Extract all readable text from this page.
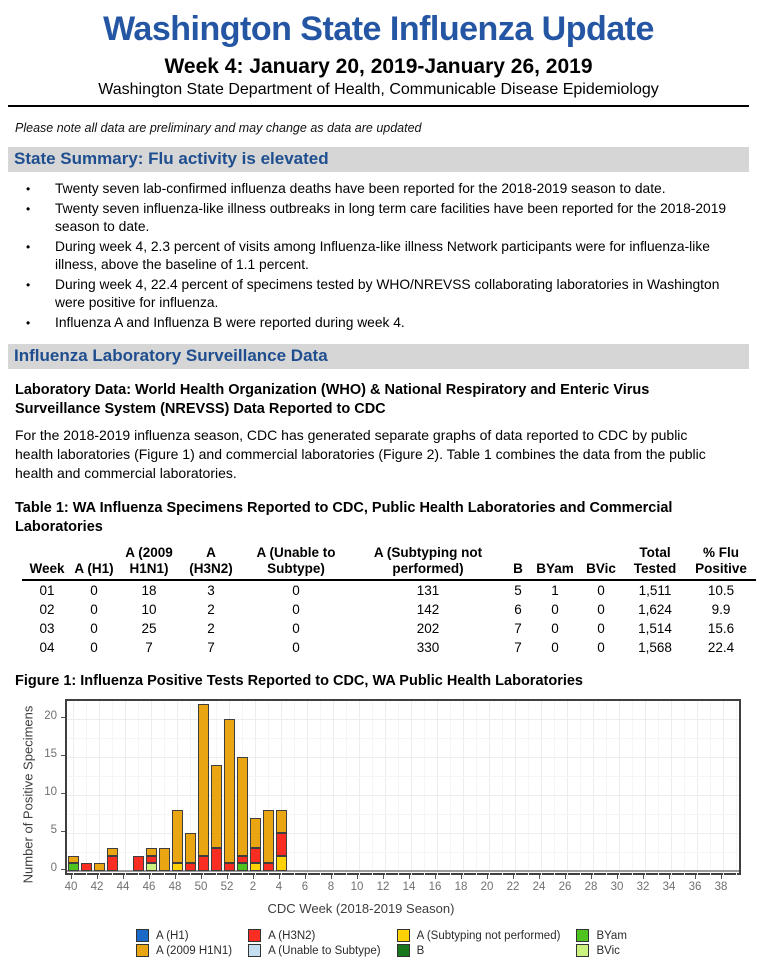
Washington State Influenza Update
Week 4: January 20, 2019-January 26, 2019
Washington State Department of Health, Communicable Disease Epidemiology
Please note all data are preliminary and may change as data are updated
State Summary: Flu activity is elevated
•	Twenty seven lab-confirmed influenza deaths have been reported for the 2018-2019 season to date.
•	Twenty seven influenza-like illness outbreaks in long term care facilities have been reported for the 2018-2019 season to date.
•	During week 4, 2.3 percent of visits among Influenza-like illness Network participants were for influenza-like illness, above the baseline of 1.1 percent.
•	During week 4, 22.4 percent of specimens tested by WHO/NREVSS collaborating laboratories in Washington were positive for influenza.
•	Influenza A and Influenza B were reported during week 4.
Influenza Laboratory Surveillance Data
Laboratory Data: World Health Organization (WHO) & National Respiratory and Enteric Virus Surveillance System (NREVSS) Data Reported to CDC
For the 2018-2019 influenza season, CDC has generated separate graphs of data reported to CDC by public health laboratories (Figure 1) and commercial laboratories (Figure 2). Table 1 combines the data from the public health and commercial laboratories.
Table 1: WA Influenza Specimens Reported to CDC, Public Health Laboratories and Commercial Laboratories
Week	A (H1)	A (2009 H1N1)	A (H3N2)	A (Unable to Subtype)	A (Subtyping not performed)	B	BYam	BVic	Total Tested	% Flu Positive
01	0	18	3	0	131	5	1	0	1,511	10.5
02	0	10	2	0	142	6	0	0	1,624	9.9
03	0	25	2	0	202	7	0	0	1,514	15.6
04	0	7	7	0	330	7	0	0	1,568	22.4
Figure 1: Influenza Positive Tests Reported to CDC, WA Public Health Laboratories
0
5
10
15
20
40	42	44	46	48	50	52	2	4	6	8	10	12	14	16	18	20	22	24	26	28	30	32	34	36	38
Number of Positive Specimens
CDC Week (2018-2019 Season)
A (H1)	A (H3N2)	A (Subtyping not performed)	BYam
A (2009 H1N1)	A (Unable to Subtype)	B	BVic
